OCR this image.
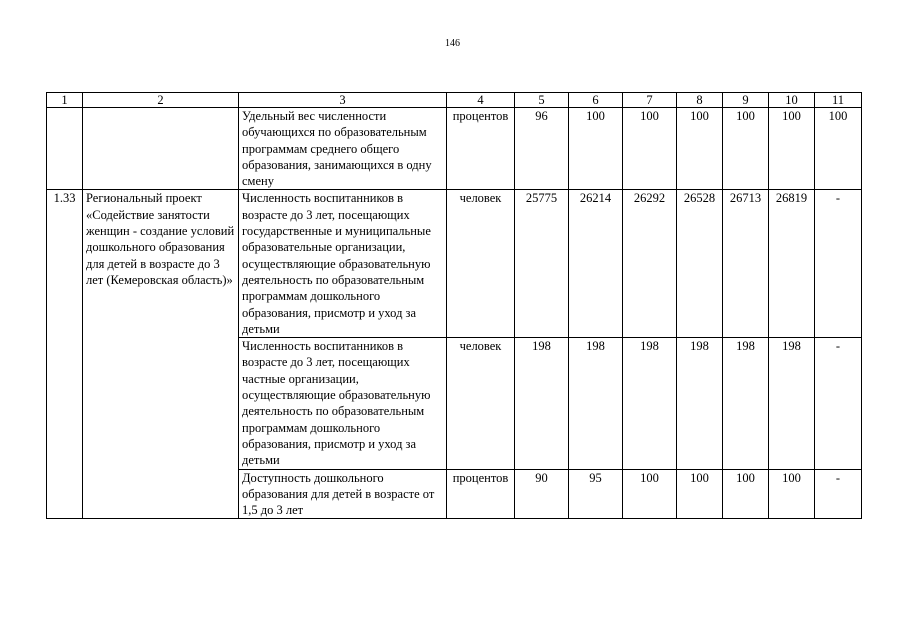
146
1	2	3	4	5	6	7	8	9	10	11
		Удельный вес численности обучающихся по образовательным программам среднего общего образования, занимающихся в одну смену	процентов	96	100	100	100	100	100	100
1.33	Региональный проект «Содействие занятости женщин - создание условий дошкольного образования для детей в возрасте до 3 лет (Кемеровская область)»	Численность воспитанников в возрасте до 3 лет, посещающих государственные и муниципальные образовательные организации, осуществляющие образовательную деятельность по образовательным программам дошкольного образования, присмотр и уход за детьми	человек	25775	26214	26292	26528	26713	26819	-
		Численность воспитанников в возрасте до 3 лет, посещающих частные организации, осуществляющие образовательную деятельность по образовательным программам дошкольного образования, присмотр и уход за детьми	человек	198	198	198	198	198	198	-
		Доступность дошкольного образования для детей в возрасте от 1,5 до 3 лет	процентов	90	95	100	100	100	100	-
